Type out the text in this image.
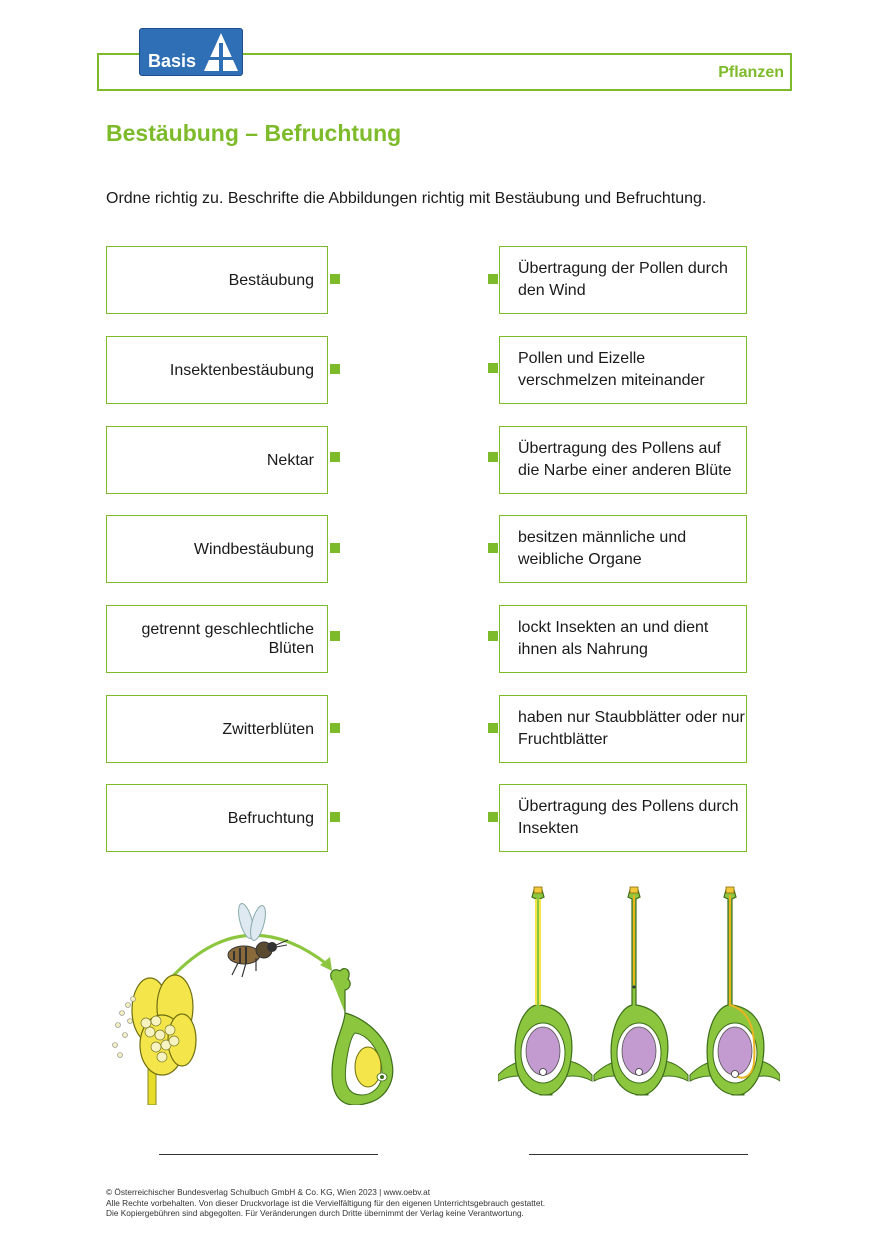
Basis
Pflanzen
Bestäubung – Befruchtung
Ordne richtig zu. Beschrifte die Abbildungen richtig mit Bestäubung und Befruchtung.
Bestäubung
Insektenbestäubung
Nektar
Windbestäubung
getrennt geschlechtliche Blüten
Zwitterblüten
Befruchtung
Übertragung der Pollen durch den Wind
Pollen und Eizelle verschmelzen miteinander
Übertragung des Pollens auf die Narbe einer anderen Blüte
besitzen männliche und weibliche Organe
lockt Insekten an und dient ihnen als Nahrung
haben nur Staubblätter oder nur Fruchtblätter
Übertragung des Pollens durch Insekten
© Österreichischer Bundesverlag Schulbuch GmbH & Co. KG, Wien 2023 | www.oebv.at
Alle Rechte vorbehalten. Von dieser Druckvorlage ist die Vervielfältigung für den eigenen Unterrichtsgebrauch gestattet.
Die Kopiergebühren sind abgegolten. Für Veränderungen durch Dritte übernimmt der Verlag keine Verantwortung.
